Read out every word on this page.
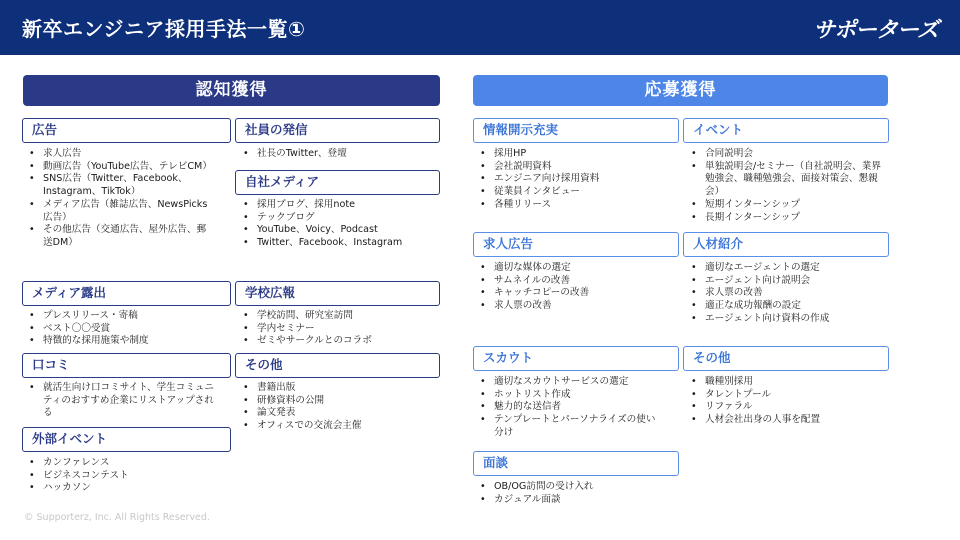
新卒エンジニア採用手法一覧①	サポーターズ
認知獲得	応募獲得
広告
• 求人広告
• 動画広告（YouTube広告、テレビCM）
• SNS広告（Twitter、Facebook、Instagram、TikTok）
• メディア広告（雑誌広告、NewsPicks広告）
• その他広告（交通広告、屋外広告、郵送DM）
メディア露出
• プレスリリース・寄稿
• ベスト〇〇受賞
• 特徴的な採用施策や制度
口コミ
• 就活生向け口コミサイト、学生コミュニティのおすすめ企業にリストアップされる
外部イベント
• カンファレンス
• ビジネスコンテスト
• ハッカソン
社員の発信
• 社長のTwitter、登壇
自社メディア
• 採用ブログ、採用note
• テックブログ
• YouTube、Voicy、Podcast
• Twitter、Facebook、Instagram
学校広報
• 学校訪問、研究室訪問
• 学内セミナー
• ゼミやサークルとのコラボ
その他
• 書籍出版
• 研修資料の公開
• 論文発表
• オフィスでの交流会主催
情報開示充実
• 採用HP
• 会社説明資料
• エンジニア向け採用資料
• 従業員インタビュー
• 各種リリース
求人広告
• 適切な媒体の選定
• サムネイルの改善
• キャッチコピーの改善
• 求人票の改善
スカウト
• 適切なスカウトサービスの選定
• ホットリスト作成
• 魅力的な送信者
• テンプレートとパーソナライズの使い分け
面談
• OB/OG訪問の受け入れ
• カジュアル面談
イベント
• 合同説明会
• 単独説明会/セミナー（自社説明会、業界勉強会、職種勉強会、面接対策会、懇親会）
• 短期インターンシップ
• 長期インターンシップ
人材紹介
• 適切なエージェントの選定
• エージェント向け説明会
• 求人票の改善
• 適正な成功報酬の設定
• エージェント向け資料の作成
その他
• 職種別採用
• タレントプール
• リファラル
• 人材会社出身の人事を配置
© Supporterz, Inc. All Rights Reserved.
